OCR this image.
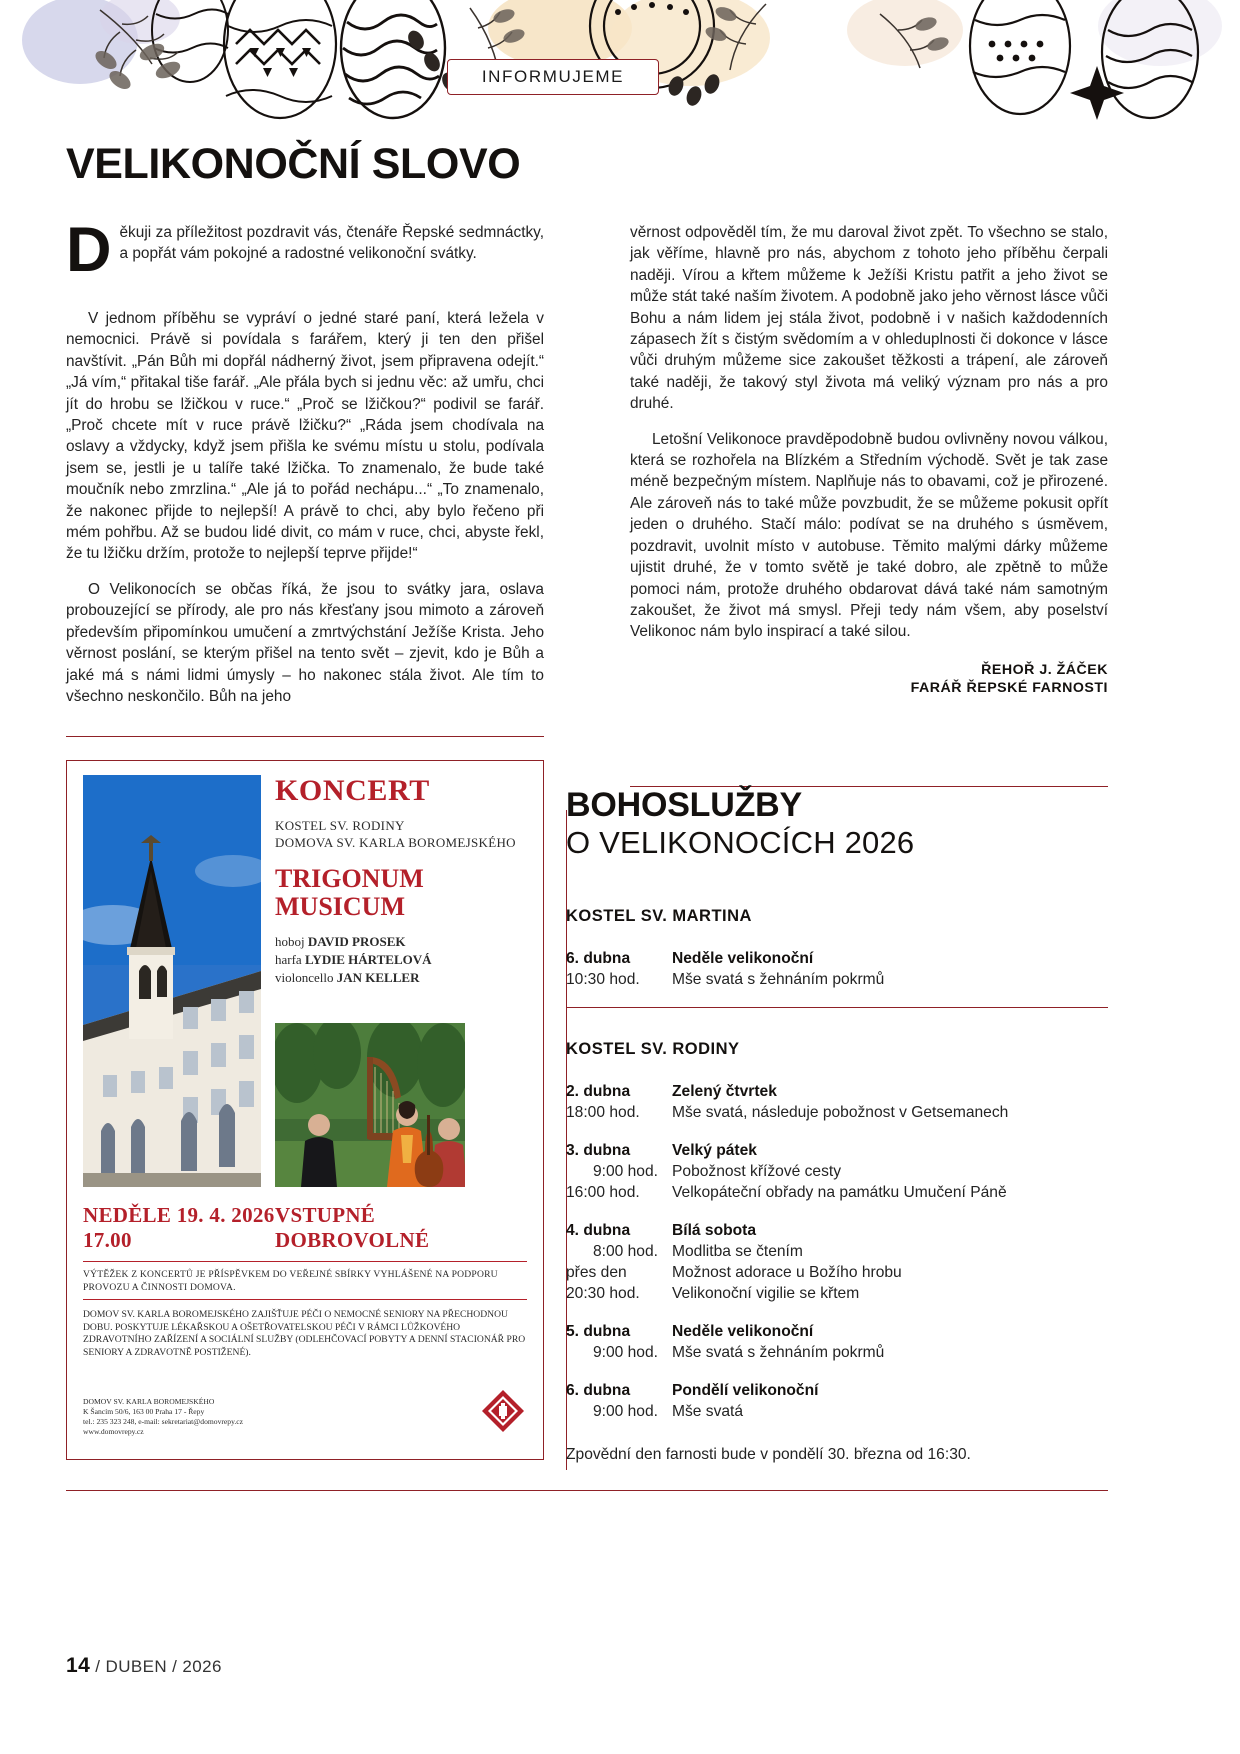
INFORMUJEME
VELIKONOČNÍ SLOVO

Děkuji za příležitost pozdravit vás, čtenáře Řepské sedmnáctky, a popřát vám pokojné a radostné velikonoční svátky.

V jednom příběhu se vypráví o jedné staré paní, která ležela v nemocnici. Právě si povídala s farářem, který ji ten den přišel navštívit. „Pán Bůh mi dopřál nádherný život, jsem připravena odejít.“ „Já vím,“ přitakal tiše farář. „Ale přála bych si jednu věc: až umřu, chci jít do hrobu se lžičkou v ruce.“ „Proč se lžičkou?“ podivil se farář. „Proč chcete mít v ruce právě lžičku?“ „Ráda jsem chodívala na oslavy a vždycky, když jsem přišla ke svému místu u stolu, podívala jsem se, jestli je u talíře také lžička. To znamenalo, že bude také moučník nebo zmrzlina.“ „Ale já to pořád nechápu...“ „To znamenalo, že nakonec přijde to nejlepší! A právě to chci, aby bylo řečeno při mém pohřbu. Až se budou lidé divit, co mám v ruce, chci, abyste řekl, že tu lžičku držím, protože to nejlepší teprve přijde!“

O Velikonocích se občas říká, že jsou to svátky jara, oslava probouzející se přírody, ale pro nás křesťany jsou mimoto a zároveň především připomínkou umučení a zmrtvýchstání Ježíše Krista. Jeho věrnost poslání, se kterým přišel na tento svět – zjevit, kdo je Bůh a jaké má s námi lidmi úmysly – ho nakonec stála život. Ale tím to všechno neskončilo. Bůh na jeho

věrnost odpověděl tím, že mu daroval život zpět. To všechno se stalo, jak věříme, hlavně pro nás, abychom z tohoto jeho příběhu čerpali naději. Vírou a křtem můžeme k Ježíši Kristu patřit a jeho život se může stát také naším životem. A podobně jako jeho věrnost lásce vůči Bohu a nám lidem jej stála život, podobně i v našich každodenních zápasech žít s čistým svědomím a v ohleduplnosti či dokonce v lásce vůči druhým můžeme sice zakoušet těžkosti a trápení, ale zároveň také naději, že takový styl života má veliký význam pro nás a pro druhé.

Letošní Velikonoce pravděpodobně budou ovlivněny novou válkou, která se rozhořela na Blízkém a Středním východě. Svět je tak zase méně bezpečným místem. Naplňuje nás to obavami, což je přirozené. Ale zároveň nás to také může povzbudit, že se můžeme pokusit opřít jeden o druhého. Stačí málo: podívat se na druhého s úsměvem, pozdravit, uvolnit místo v autobuse. Těmito malými dárky můžeme ujistit druhé, že v tomto světě je také dobro, ale zpětně to může pomoci nám, protože druhého obdarovat dává také nám samotným zakoušet, že život má smysl. Přeji tedy nám všem, aby poselství Velikonoc nám bylo inspirací a také silou.

ŘEHOŘ J. ŽÁČEK
FARÁŘ ŘEPSKÉ FARNOSTI
KONCERT
KOSTEL SV. RODINY
DOMOVA SV. KARLA BOROMEJSKÉHO
TRIGONUM
MUSICUM
hoboj DAVID PROSEK
harfa LYDIE HÁRTELOVÁ
violoncello JAN KELLER
NEDĚLE 19. 4. 2026
17.00
VSTUPNÉ
DOBROVOLNÉ
VÝTĚŽEK Z KONCERTŮ JE PŘÍSPĚVKEM DO VEŘEJNÉ SBÍRKY VYHLÁŠENÉ NA PODPORU PROVOZU A ČINNOSTI DOMOVA.
DOMOV SV. KARLA BOROMEJSKÉHO ZAJIŠŤUJE PÉČI O NEMOCNÉ SENIORY NA PŘECHODNOU DOBU. POSKYTUJE LÉKAŘSKOU A OŠETŘOVATELSKOU PÉČI V RÁMCI LŮŽKOVÉHO ZDRAVOTNÍHO ZAŘÍZENÍ A SOCIÁLNÍ SLUŽBY (ODLEHČOVACÍ POBYTY A DENNÍ STACIONÁŘ PRO SENIORY A ZDRAVOTNĚ POSTIŽENÉ).
DOMOV SV. KARLA BOROMEJSKÉHO
K Šancím 50/6, 163 00 Praha 17 - Řepy
tel.: 235 323 248, e-mail: sekretariat@domovrepy.cz
www.domovrepy.cz
BOHOSLUŽBY
O VELIKONOCÍCH 2026
KOSTEL SV. MARTINA
6. dubna	Neděle velikonoční
10:30 hod.	Mše svatá s žehnáním pokrmů
KOSTEL SV. RODINY
2. dubna	Zelený čtvrtek
18:00 hod.	Mše svatá, následuje pobožnost v Getsemanech
3. dubna	Velký pátek
9:00 hod. Pobožnost křížové cesty
16:00 hod.	Velkopáteční obřady na památku Umučení Páně
4. dubna	Bílá sobota
8:00 hod. Modlitba se čtením
přes den	Možnost adorace u Božího hrobu
20:30 hod.	Velikonoční vigilie se křtem
5. dubna	Neděle velikonoční
9:00 hod. Mše svatá s žehnáním pokrmů
6. dubna	Pondělí velikonoční
9:00 hod. Mše svatá
Zpovědní den farnosti bude v pondělí 30. března od 16:30.
14 / DUBEN / 2026
